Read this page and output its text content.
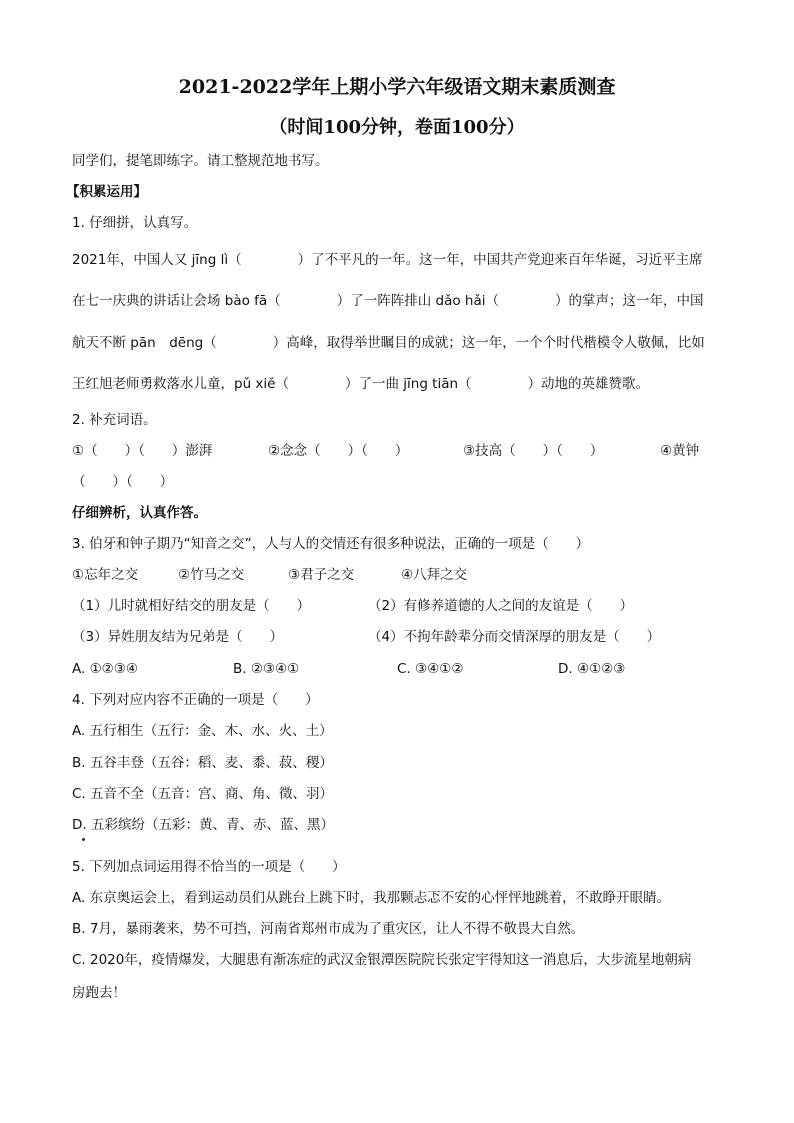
2021-2022学年上期小学六年级语文期末素质测查
（时间100分钟，卷面100分）
同学们，提笔即练字。请工整规范地书写。
【积累运用】
1. 仔细拼，认真写。
2021年，中国人又 jīng lì（	）了不平凡的一年。这一年，中国共产党迎来百年华诞，习近平主席
在七一庆典的讲话让会场 bào fā（	）了一阵阵排山 dǎo hǎi（	）的掌声；这一年，中国
航天不断 pān　dēng（	）高峰，取得举世瞩目的成就；这一年，一个个时代楷模令人敬佩，比如
王红旭老师勇救落水儿童，pǔ xiě（	）了一曲 jīng tiān（	）动地的英雄赞歌。
2. 补充词语。
①（　　）（　　）澎湃	②念念（　　）（　　）	③技高（　　）（　　）	④黄钟
（　　）（　　）
仔细辨析，认真作答。
3. 伯牙和钟子期乃“知音之交”，人与人的交情还有很多种说法，正确的一项是（　　）
①忘年之交	②竹马之交	③君子之交	④八拜之交
（1）儿时就相好结交的朋友是（　　）	（2）有修养道德的人之间的友谊是（　　）
（3）异姓朋友结为兄弟是（　　）	（4）不拘年龄辈分而交情深厚的朋友是（　　）
A. ①②③④	B. ②③④①	C. ③④①②	D. ④①②③
4. 下列对应内容不正确的一项是（　　）
A. 五行相生（五行：金、木、水、火、土）
B. 五谷丰登（五谷：稻、麦、黍、菽、稷）
C. 五音不全（五音：宫、商、角、徵、羽）
D. 五彩缤纷（五彩：黄、青、赤、蓝、黑）
5. 下列加点词运用得不恰当的一项是（　　）
A. 东京奥运会上，看到运动员们从跳台上跳下时，我那颗忐忑不安的心怦怦地跳着，不敢睁开眼睛。
B. 7月，暴雨袭来，势不可挡，河南省郑州市成为了重灾区，让人不得不敬畏大自然。
C. 2020年，疫情爆发，大腿患有渐冻症的武汉金银潭医院院长张定宇得知这一消息后，大步流星地朝病
房跑去！
